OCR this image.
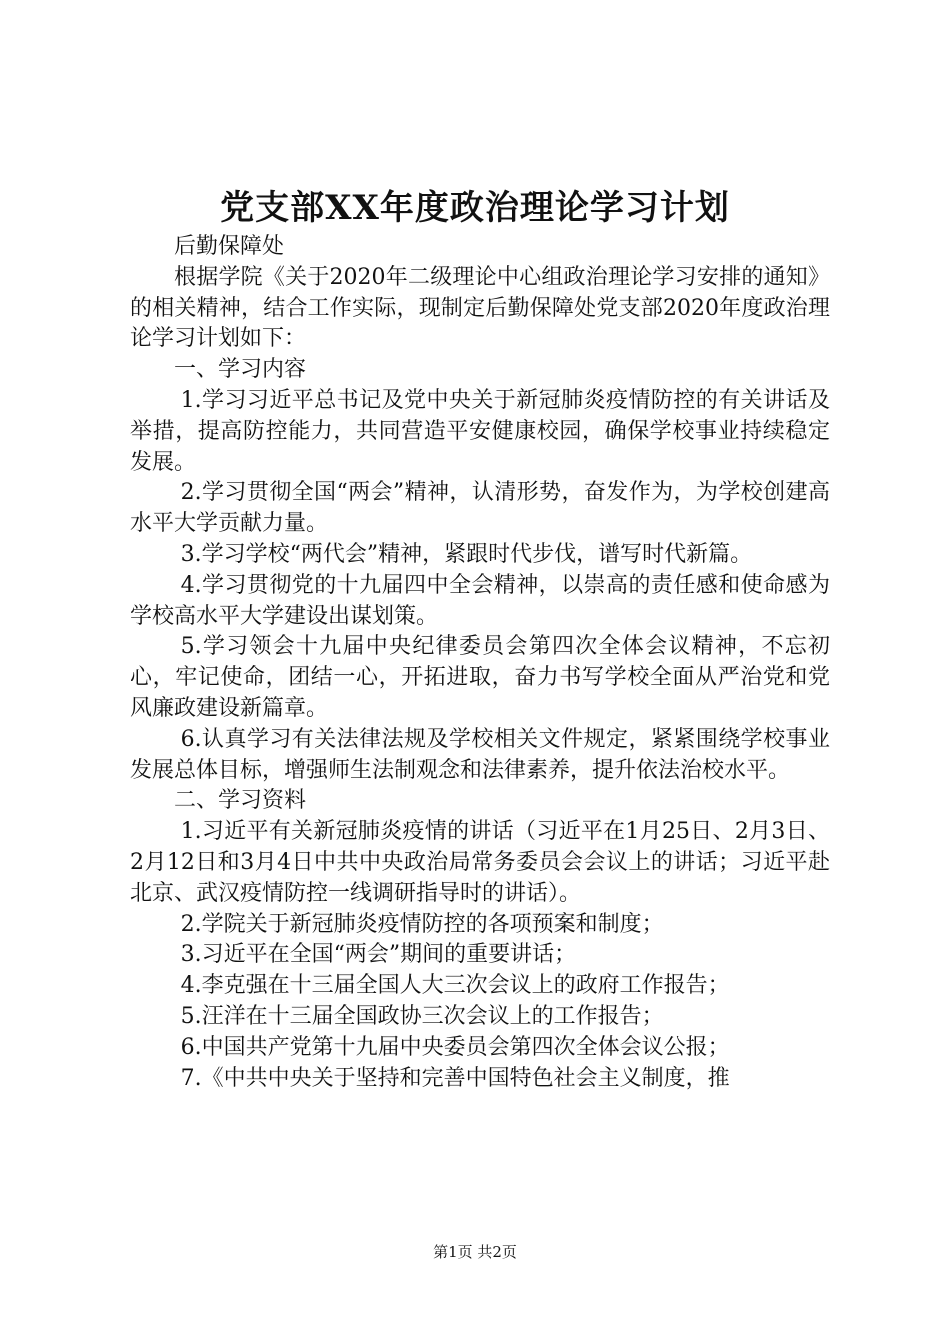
党支部XX年度政治理论学习计划

后勤保障处

根据学院《关于2020年二级理论中心组政治理论学习安排的通知》的相关精神，结合工作实际，现制定后勤保障处党支部2020年度政治理论学习计划如下：

一、学习内容

1.学习习近平总书记及党中央关于新冠肺炎疫情防控的有关讲话及举措，提高防控能力，共同营造平安健康校园，确保学校事业持续稳定发展。

2.学习贯彻全国“两会”精神，认清形势，奋发作为，为学校创建高水平大学贡献力量。

3.学习学校“两代会”精神，紧跟时代步伐，谱写时代新篇。

4.学习贯彻党的十九届四中全会精神，以崇高的责任感和使命感为学校高水平大学建设出谋划策。

5.学习领会十九届中央纪律委员会第四次全体会议精神，不忘初心，牢记使命，团结一心，开拓进取，奋力书写学校全面从严治党和党风廉政建设新篇章。

6.认真学习有关法律法规及学校相关文件规定，紧紧围绕学校事业发展总体目标，增强师生法制观念和法律素养，提升依法治校水平。

二、学习资料

1.习近平有关新冠肺炎疫情的讲话（习近平在1月25日、2月3日、2月12日和3月4日中共中央政治局常务委员会会议上的讲话；习近平赴北京、武汉疫情防控一线调研指导时的讲话）。

2.学院关于新冠肺炎疫情防控的各项预案和制度；

3.习近平在全国“两会”期间的重要讲话；

4.李克强在十三届全国人大三次会议上的政府工作报告；

5.汪洋在十三届全国政协三次会议上的工作报告；

6.中国共产党第十九届中央委员会第四次全体会议公报；

7.《中共中央关于坚持和完善中国特色社会主义制度，推

第1页 共2页
